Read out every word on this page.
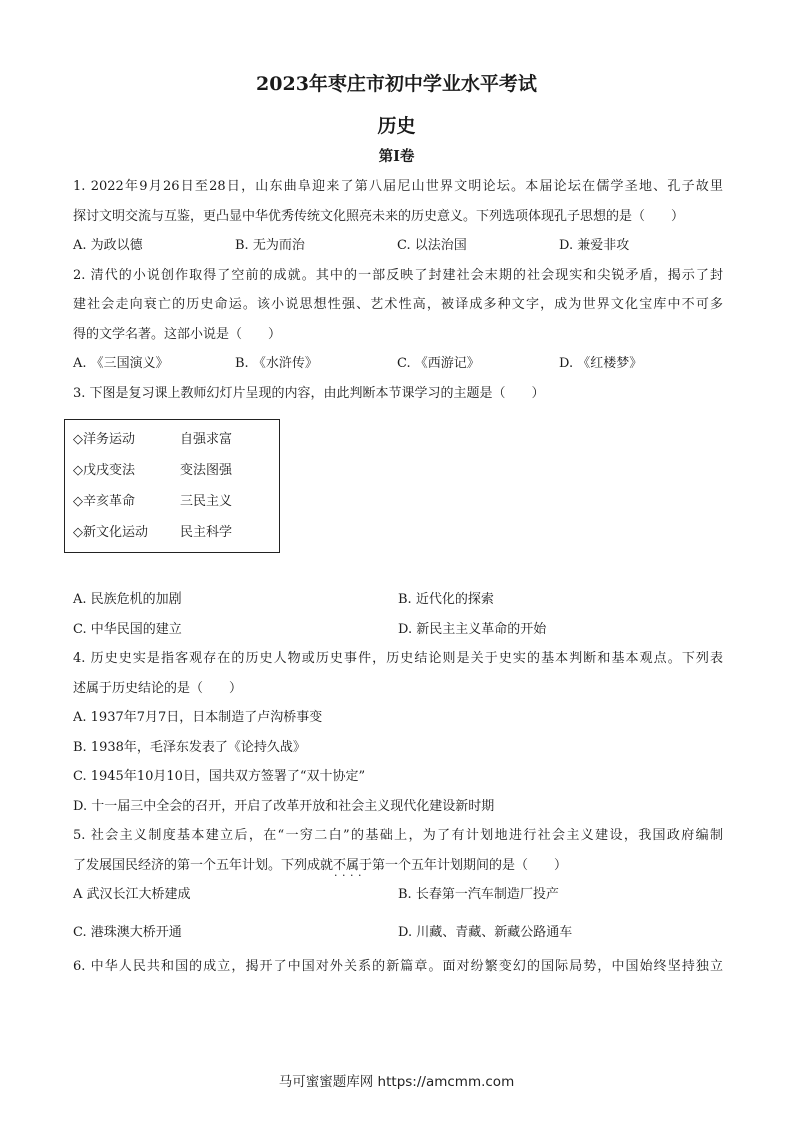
2023年枣庄市初中学业水平考试
历史
第Ⅰ卷
1. 2022年9月26日至28日，山东曲阜迎来了第八届尼山世界文明论坛。本届论坛在儒学圣地、孔子故里
探讨文明交流与互鉴，更凸显中华优秀传统文化照亮未来的历史意义。下列选项体现孔子思想的是（　　）
A. 为政以德	B. 无为而治	C. 以法治国	D. 兼爱非攻
2. 清代的小说创作取得了空前的成就。其中的一部反映了封建社会末期的社会现实和尖锐矛盾，揭示了封
建社会走向衰亡的历史命运。该小说思想性强、艺术性高，被译成多种文字，成为世界文化宝库中不可多
得的文学名著。这部小说是（　　）
A. 《三国演义》	B. 《水浒传》	C. 《西游记》	D. 《红楼梦》
3. 下图是复习课上教师幻灯片呈现的内容，由此判断本节课学习的主题是（　　）
A. 民族危机的加剧	B. 近代化的探索
C. 中华民国的建立	D. 新民主主义革命的开始
4. 历史史实是指客观存在的历史人物或历史事件，历史结论则是关于史实的基本判断和基本观点。下列表
述属于历史结论的是（　　）
A. 1937年7月7日，日本制造了卢沟桥事变
B. 1938年，毛泽东发表了《论持久战》
C. 1945年10月10日，国共双方签署了“双十协定”
D. 十一届三中全会的召开，开启了改革开放和社会主义现代化建设新时期
5. 社会主义制度基本建立后，在“一穷二白”的基础上，为了有计划地进行社会主义建设，我国政府编制
了发展国民经济的第一个五年计划。下列成就不属于 · · · ·第一个五年计划期间的是（　　）
A 武汉长江大桥建成	B. 长春第一汽车制造厂投产
C. 港珠澳大桥开通	D. 川藏、青藏、新藏公路通车
6. 中华人民共和国的成立，揭开了中国对外关系的新篇章。面对纷繁变幻的国际局势，中国始终坚持独立
◇洋务运动	自强求富
◇戊戌变法	变法图强
◇辛亥革命	三民主义
◇新文化运动 民主科学
马可蜜蜜题库网 https://amcmm.com
